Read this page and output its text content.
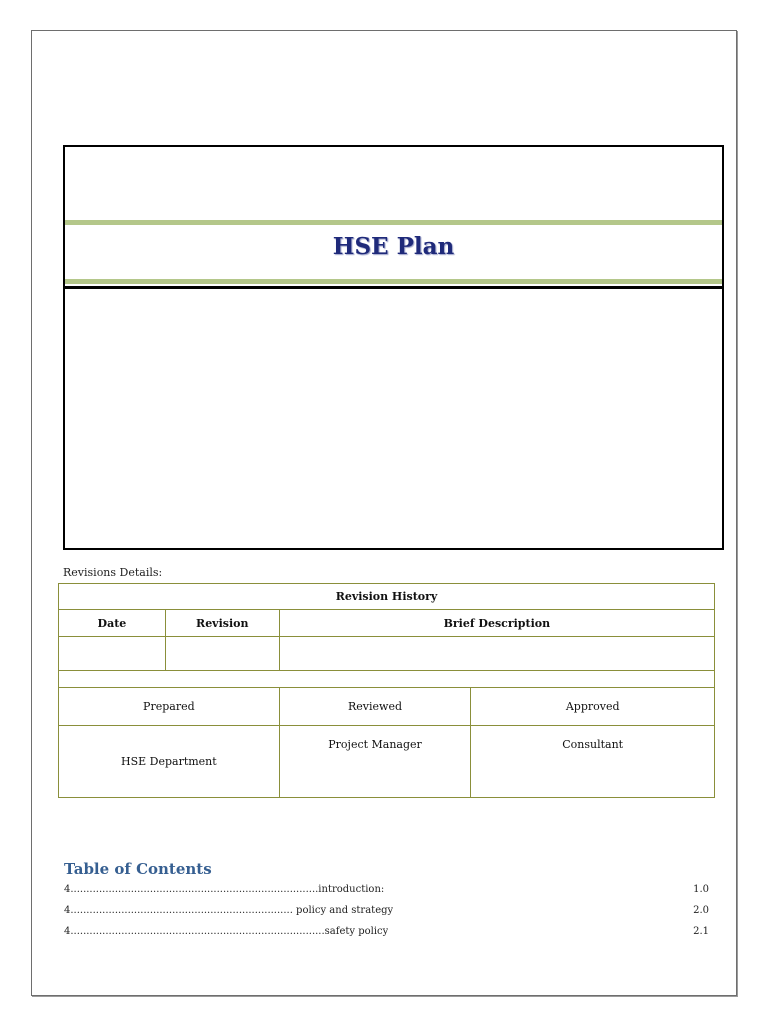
HSE Plan
Revisions Details:
Revision History			
Date	Revision	Brief Description	

Prepared		Reviewed	Approved
HSE Department		Project Manager	Consultant
Table of Contents
4..............................................................................introduction:	1.0
4...................................................................... policy and strategy	2.0
4................................................................................safety policy	2.1
